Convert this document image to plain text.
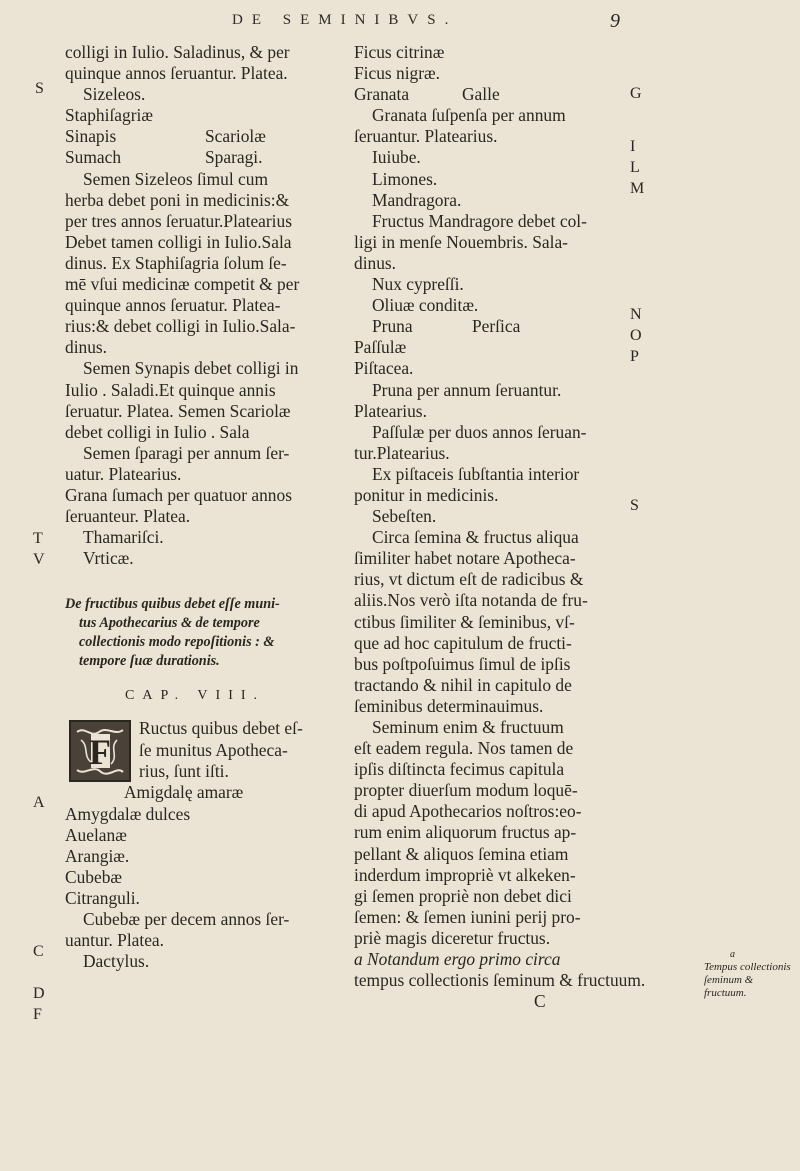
DE SEMINIBVS.	9
colligi in Iulio. Saladinus, & per
quinque annos ſeruantur. Platea.
Sizeleos.
Staphiſagriæ
Sinapis	Scariolæ
Sumach	Sparagi.
Semen Sizeleos ſimul cum
herba debet poni in medicinis:&
per tres annos ſeruatur.Platearius
Debet tamen colligi in Iulio.Sala
dinus. Ex Staphiſagria ſolum ſe-
mē vſui medicinæ competit & per
quinque annos ſeruatur. Platea-
rius:& debet colligi in Iulio.Sala-
dinus.
Semen Synapis debet colligi in
Iulio . Saladi.Et quinque annis
ſeruatur. Platea. Semen Scariolæ
debet colligi in Iulio . Sala
Semen ſparagi per annum ſer-
uatur. Platearius.
Grana ſumach per quatuor annos
ſeruanteur. Platea.
Thamariſci.
Vrticæ.
De fructibus quibus debet eſſe muni-
tus Apothecarius & de tempore
collectionis modo repoſitionis : &
tempore ſuæ durationis.
CAP. VIII.
F
Ructus quibus debet eſ-
ſe munitus Apotheca-
rius, ſunt iſti.
Amigdalę amaræ
Amygdalæ dulces
Auelanæ
Arangiæ.
Cubebæ
Citranguli.
Cubebæ per decem annos ſer-
uantur. Platea.
Dactylus.
Ficus citrinæ
Ficus nigræ.
Granata	Galle
Granata ſuſpenſa per annum
ſeruantur. Platearius.
Iuiube.
Limones.
Mandragora.
Fructus Mandragore debet col-
ligi in menſe Nouembris. Sala-
dinus.
Nux cypreſſi.
Oliuæ conditæ.
Pruna	Perſica
Paſſulæ
Piſtacea.
Pruna per annum ſeruantur.
Platearius.
Paſſulæ per duos annos ſeruan-
tur.Platearius.
Ex piſtaceis ſubſtantia interior
ponitur in medicinis.
Sebeſten.
Circa ſemina & fructus aliqua
ſimiliter habet notare Apotheca-
rius, vt dictum eſt de radicibus &
aliis.Nos verò iſta notanda de fru-
ctibus ſimiliter & ſeminibus, vſ-
que ad hoc capitulum de fructi-
bus poſtpoſuimus ſimul de ipſis
tractando & nihil in capitulo de
ſeminibus determinauimus.
Seminum enim & fructuum
eſt eadem regula. Nos tamen de
ipſis diſtincta fecimus capitula
propter diuerſum modum loquē-
di apud Apothecarios noſtros:eo-
rum enim aliquorum fructus ap-
pellant & aliquos ſemina etiam
inderdum impropriè vt alkeken-
gi ſemen propriè non debet dici
ſemen: & ſemen iunini perij pro-
priè magis diceretur fructus.
a Notandum ergo primo circa
tempus collectionis ſeminum & fructuum.
C
S
T
V
A
C
D
F
G
I
L
M
N
O
P
S
a
Tempus collectionis ſeminum & fructuum.
